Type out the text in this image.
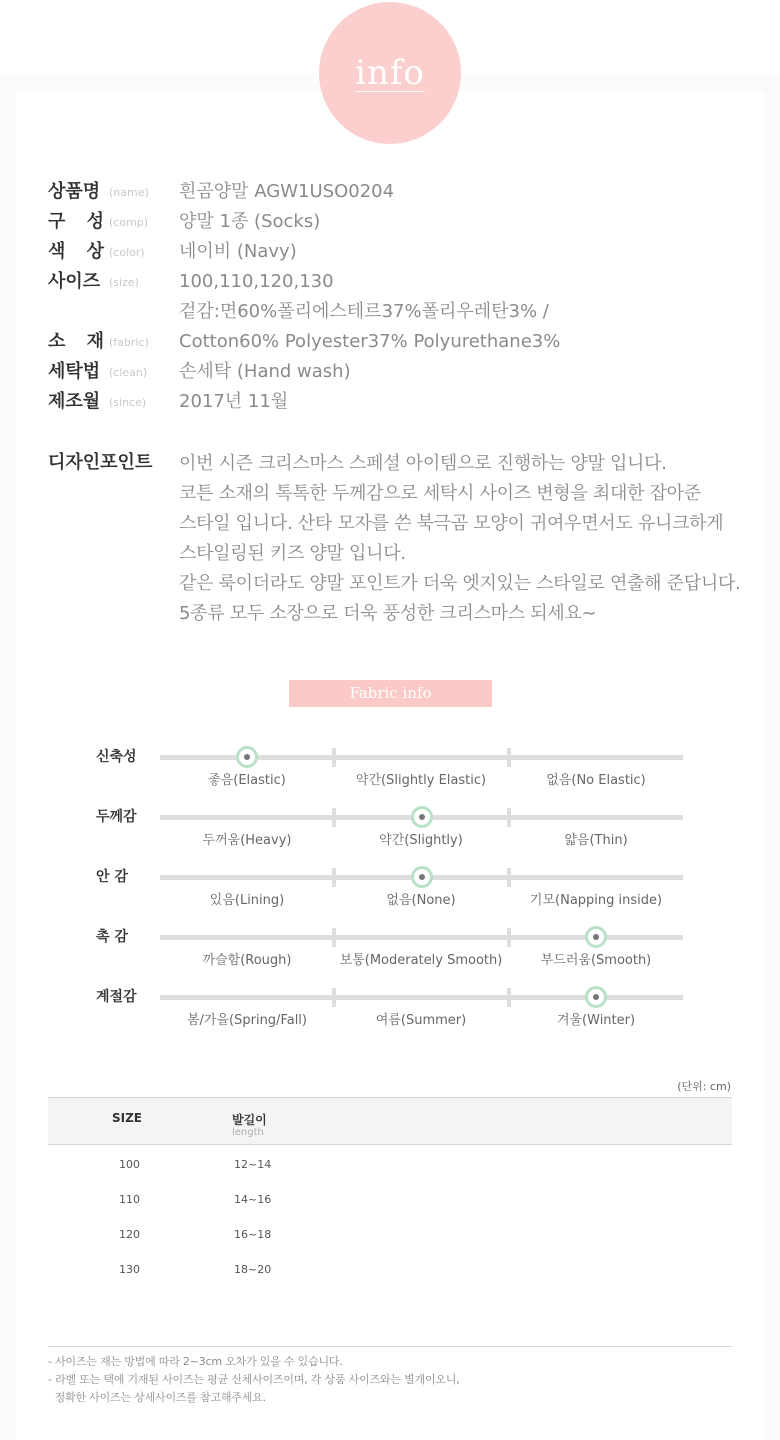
info
상품명 (name) 흰곰양말 AGW1USO0204
구 성 (comp) 양말 1종 (Socks)
색 상 (color) 네이비 (Navy)
사이즈 (size) 100,110,120,130
겉감:면60%폴리에스테르37%폴리우레탄3% /
소 재 (fabric) Cotton60% Polyester37% Polyurethane3%
세탁법 (clean) 손세탁 (Hand wash)
제조월 (since) 2017년 11월
디자인포인트 이번 시즌 크리스마스 스페셜 아이템으로 진행하는 양말 입니다.
코튼 소재의 톡톡한 두께감으로 세탁시 사이즈 변형을 최대한 잡아준
스타일 입니다. 산타 모자를 쓴 북극곰 모양이 귀여우면서도 유니크하게
스타일링된 키즈 양말 입니다.
같은 룩이더라도 양말 포인트가 더욱 엣지있는 스타일로 연출해 준답니다.
5종류 모두 소장으로 더욱 풍성한 크리스마스 되세요~
Fabric info
신축성
좋음(Elastic)	약간(Slightly Elastic)	없음(No Elastic)
두께감
두꺼움(Heavy)	약간(Slightly)	얇음(Thin)
안 감
있음(Lining)	없음(None)	기모(Napping inside)
촉 감
까슬함(Rough)	보통(Moderately Smooth)	부드러움(Smooth)
계절감
봄/가을(Spring/Fall)	여름(Summer)	겨울(Winter)
(단위: cm)
SIZE	발길이
length
100	12~14
110	14~16
120	16~18
130	18~20
- 사이즈는 재는 방법에 따라 2~3cm 오차가 있을 수 있습니다.
- 라벨 또는 택에 기재된 사이즈는 평균 신체사이즈이며, 각 상품 사이즈와는 별개이오니,
정확한 사이즈는 상세사이즈를 참고해주세요.
